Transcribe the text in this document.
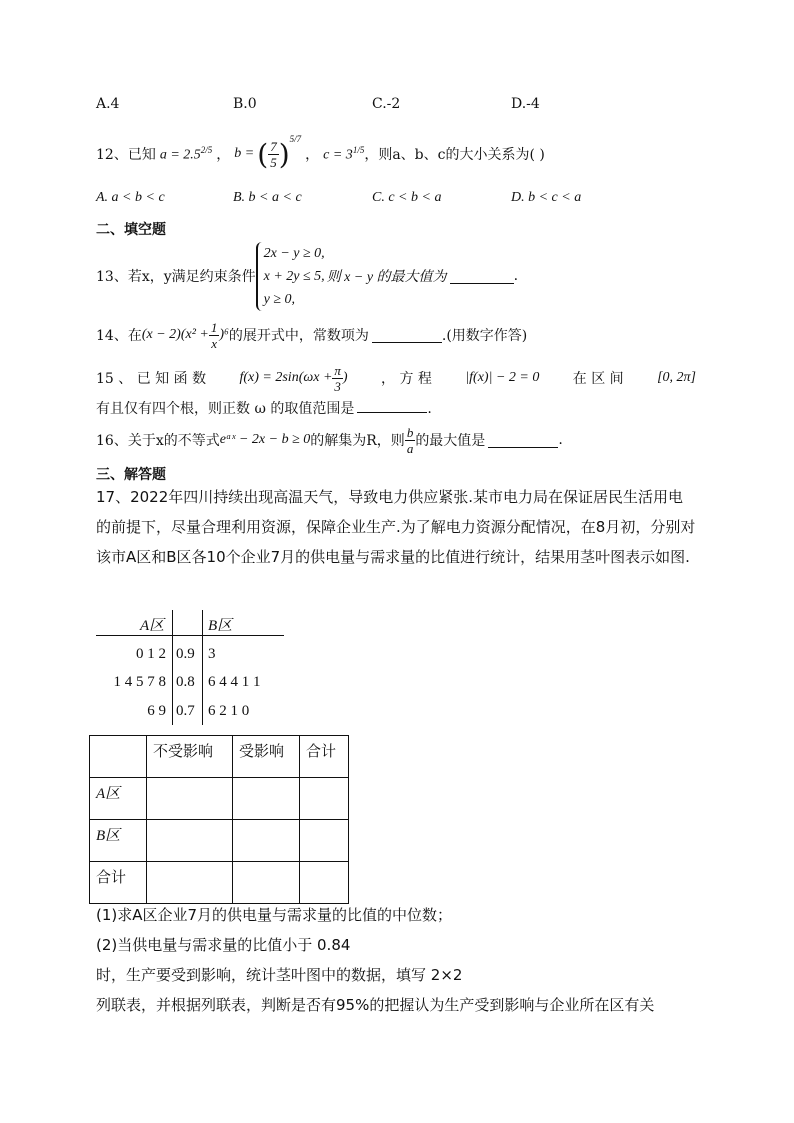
A.4	B.0	C.-2	D.-4
12、已知 $a = 2.5^{2/5}$ ， b = ( $\frac{7}{5} )^{5/7}$
， $c = 3^{1/5}$ ，则a、b、c的大小关系为( )
A. a < b < c	B. b < a < c	C. c < b < a	D. b < c < a
二、填空题
13、若x，y满足约束条件
2x − y ≥ 0,
x + 2y ≤ 5,
y ≥ 0,
则 x − y 的最大值为	.
14、在 $(x - 2)(x^2 + \frac{1}{x} )^6$ 的展开式中，常数项为	.(用数字作答)
15 、 已 知 函 数 $f(x) = 2\sin(\omega x + \frac{\pi}{3}$ ) ， 方 程 |f(x)| − 2 = 0 在 区 间 [0, 2π]
有且仅有四个根，则正数 ω 的取值范围是	.
16、关于x的不等式 eᵃˣ − 2x − b ≥ 0 的解集为R，则 $\frac{b}{a}$ 的最大值是	.
三、解答题
17、2022年四川持续出现高温天气，导致电力供应紧张.某市电力局在保证居民生活用电的前提下，尽量合理利用资源，保障企业生产.为了解电力资源分配情况，在8月初，分别对该市A区和B区各10个企业7月的供电量与需求量的比值进行统计，结果用茎叶图表示如图.
A区	B区
0 1 2 0.9 3
1 4 5 7 8 0.8 6 4 4 1 1
6 9 0.7 6 2 1 0
	不受影响	受影响	合计
A区			
B区			
合计			
(1)求A区企业7月的供电量与需求量的比值的中位数；
(2)当供电量与需求量的比值小于 0.84
时，生产要受到影响，统计茎叶图中的数据，填写 2×2
列联表，并根据列联表，判断是否有95%的把握认为生产受到影响与企业所在区有关
